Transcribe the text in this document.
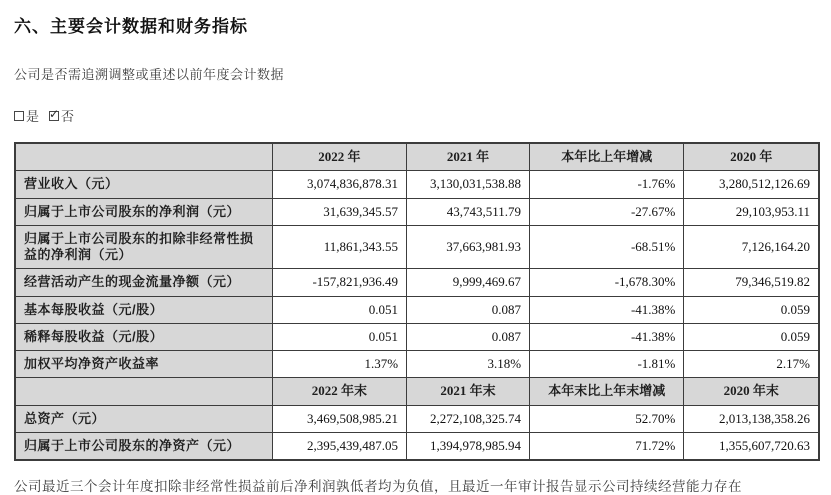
六、主要会计数据和财务指标
公司是否需追溯调整或重述以前年度会计数据
是 ✓ 否
	2022 年	2021 年	本年比上年增减	2020 年
营业收入（元）	3,074,836,878.31	3,130,031,538.88	-1.76%	3,280,512,126.69
归属于上市公司股东的净利润（元）	31,639,345.57	43,743,511.79	-27.67%	29,103,953.11
归属于上市公司股东的扣除非经常性损益的净利润（元）	11,861,343.55	37,663,981.93	-68.51%	7,126,164.20
经营活动产生的现金流量净额（元）	-157,821,936.49	9,999,469.67	-1,678.30%	79,346,519.82
基本每股收益（元/股）	0.051	0.087	-41.38%	0.059
稀释每股收益（元/股）	0.051	0.087	-41.38%	0.059
加权平均净资产收益率	1.37%	3.18%	-1.81%	2.17%
	2022 年末	2021 年末	本年末比上年末增减	2020 年末
总资产（元）	3,469,508,985.21	2,272,108,325.74	52.70%	2,013,138,358.26
归属于上市公司股东的净资产（元）	2,395,439,487.05	1,394,978,985.94	71.72%	1,355,607,720.63
公司最近三个会计年度扣除非经常性损益前后净利润孰低者均为负值，且最近一年审计报告显示公司持续经营能力存在
